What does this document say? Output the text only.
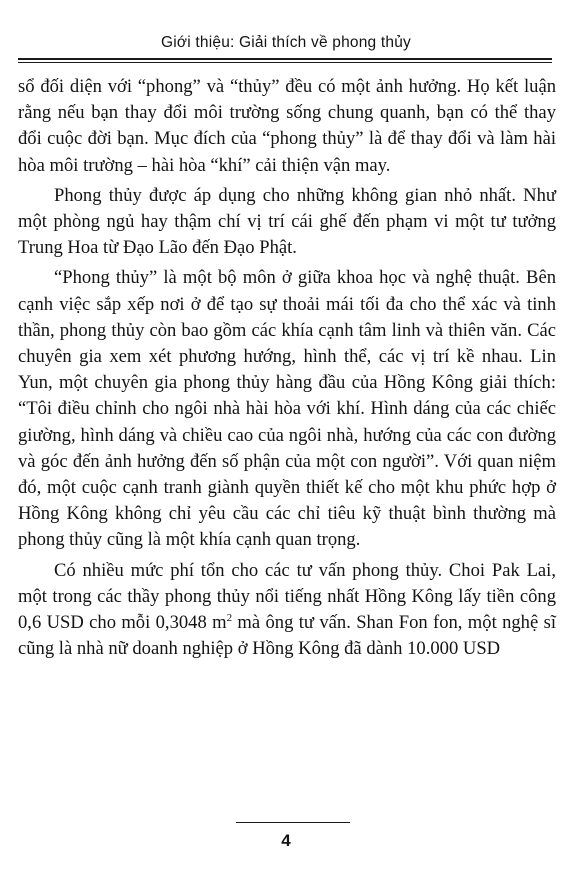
Giới thiệu: Giải thích về phong thủy

sổ đối diện với “phong” và “thủy” đều có một ảnh hưởng. Họ kết luận rằng nếu bạn thay đổi môi trường sống chung quanh, bạn có thể thay đổi cuộc đời bạn. Mục đích của “phong thủy” là để thay đổi và làm hài hòa môi trường – hài hòa “khí” cải thiện vận may.

Phong thủy được áp dụng cho những không gian nhỏ nhất. Như một phòng ngủ hay thậm chí vị trí cái ghế đến phạm vi một tư tưởng Trung Hoa từ Đạo Lão đến Đạo Phật.

“Phong thủy” là một bộ môn ở giữa khoa học và nghệ thuật. Bên cạnh việc sắp xếp nơi ở để tạo sự thoải mái tối đa cho thể xác và tinh thần, phong thủy còn bao gồm các khía cạnh tâm linh và thiên văn. Các chuyên gia xem xét phương hướng, hình thể, các vị trí kề nhau. Lin Yun, một chuyên gia phong thủy hàng đầu của Hồng Kông giải thích: “Tôi điều chỉnh cho ngôi nhà hài hòa với khí. Hình dáng của các chiếc giường, hình dáng và chiều cao của ngôi nhà, hướng của các con đường và góc đến ảnh hưởng đến số phận của một con người”. Với quan niệm đó, một cuộc cạnh tranh giành quyền thiết kế cho một khu phức hợp ở Hồng Kông không chỉ yêu cầu các chỉ tiêu kỹ thuật bình thường mà phong thủy cũng là một khía cạnh quan trọng.

Có nhiều mức phí tổn cho các tư vấn phong thủy. Choi Pak Lai, một trong các thầy phong thủy nổi tiếng nhất Hồng Kông lấy tiền công 0,6 USD cho mỗi 0,3048 $m^2$ mà ông tư vấn. Shan Fon fon, một nghệ sĩ cũng là nhà nữ doanh nghiệp ở Hồng Kông đã dành 10.000 USD

4
